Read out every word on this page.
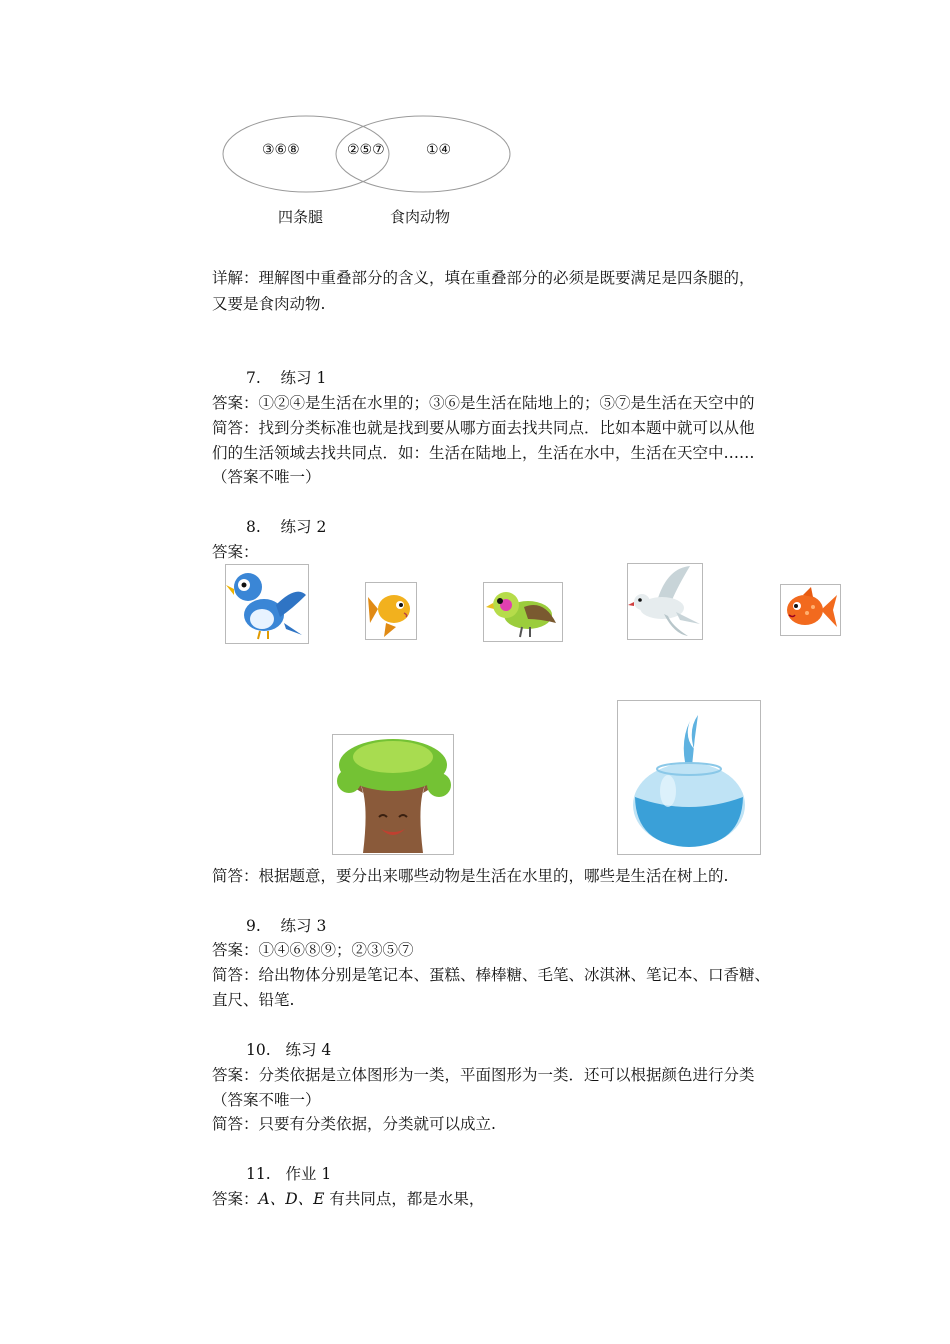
③⑥⑧	②⑤⑦	①④
四条腿	食肉动物
详解：理解图中重叠部分的含义，填在重叠部分的必须是既要满足是四条腿的，
又要是食肉动物.
7. 练习 1
答案：①②④是生活在水里的；③⑥是生活在陆地上的；⑤⑦是生活在天空中的
简答：找到分类标准也就是找到要从哪方面去找共同点．比如本题中就可以从他
们的生活领域去找共同点．如：生活在陆地上，生活在水中，生活在天空中……
（答案不唯一）
8. 练习 2
答案：
简答：根据题意，要分出来哪些动物是生活在水里的，哪些是生活在树上的.
9. 练习 3
答案：①④⑥⑧⑨；②③⑤⑦
简答：给出物体分别是笔记本、蛋糕、棒棒糖、毛笔、冰淇淋、笔记本、口香糖、
直尺、铅笔.
10. 练习 4
答案：分类依据是立体图形为一类，平面图形为一类．还可以根据颜色进行分类
（答案不唯一）
简答：只要有分类依据，分类就可以成立.
11. 作业 1
答案：A、D、E 有共同点，都是水果，
